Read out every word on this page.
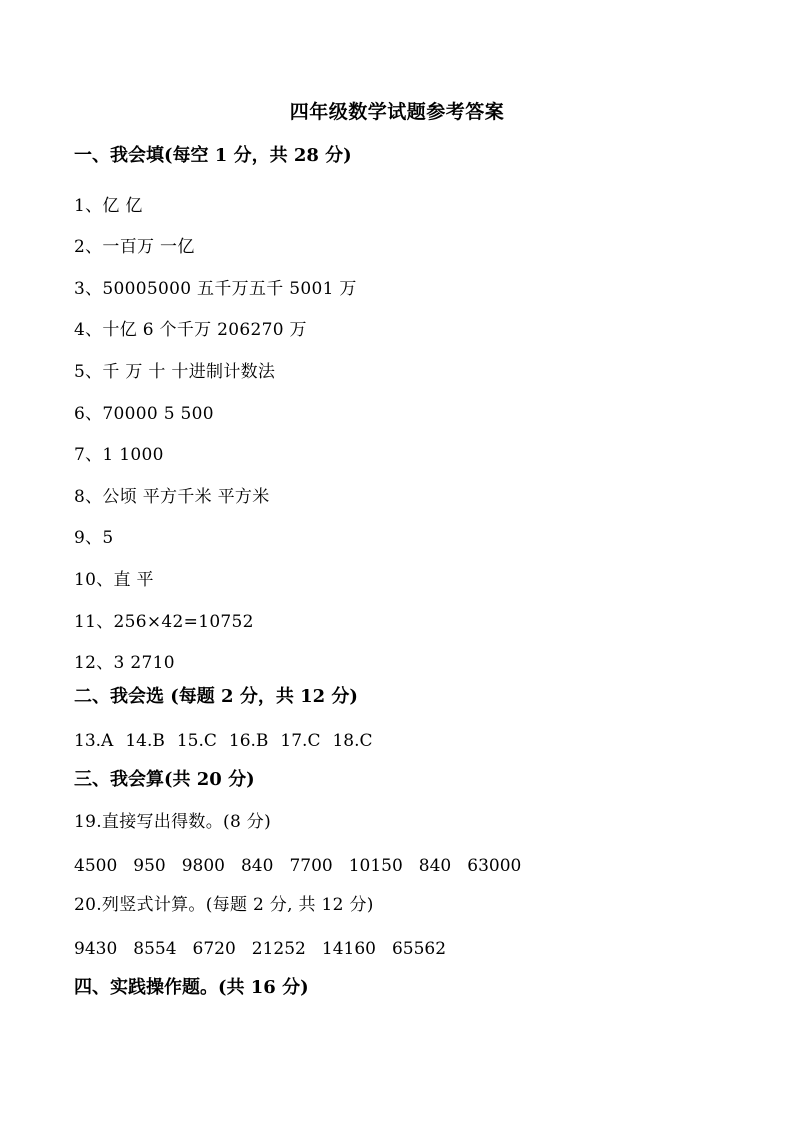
四年级数学试题参考答案
一、我会填(每空 1 分，共 28 分)
1、亿 亿
2、一百万 一亿
3、50005000 五千万五千 5001 万
4、十亿 6 个千万 206270 万
5、千 万 十 十进制计数法
6、70000 5 500
7、1 1000
8、公顷 平方千米 平方米
9、5
10、直 平
11、256×42=10752
12、3 2710
二、我会选 (每题 2 分，共 12 分)
13.A 14.B 15.C 16.B 17.C 18.C
三、我会算(共 20 分)
19.直接写出得数。(8 分)
4500 950 9800 840 7700 10150 840 63000
20.列竖式计算。(每题 2 分, 共 12 分)
9430 8554 6720 21252 14160 65562
四、实践操作题。(共 16 分)
